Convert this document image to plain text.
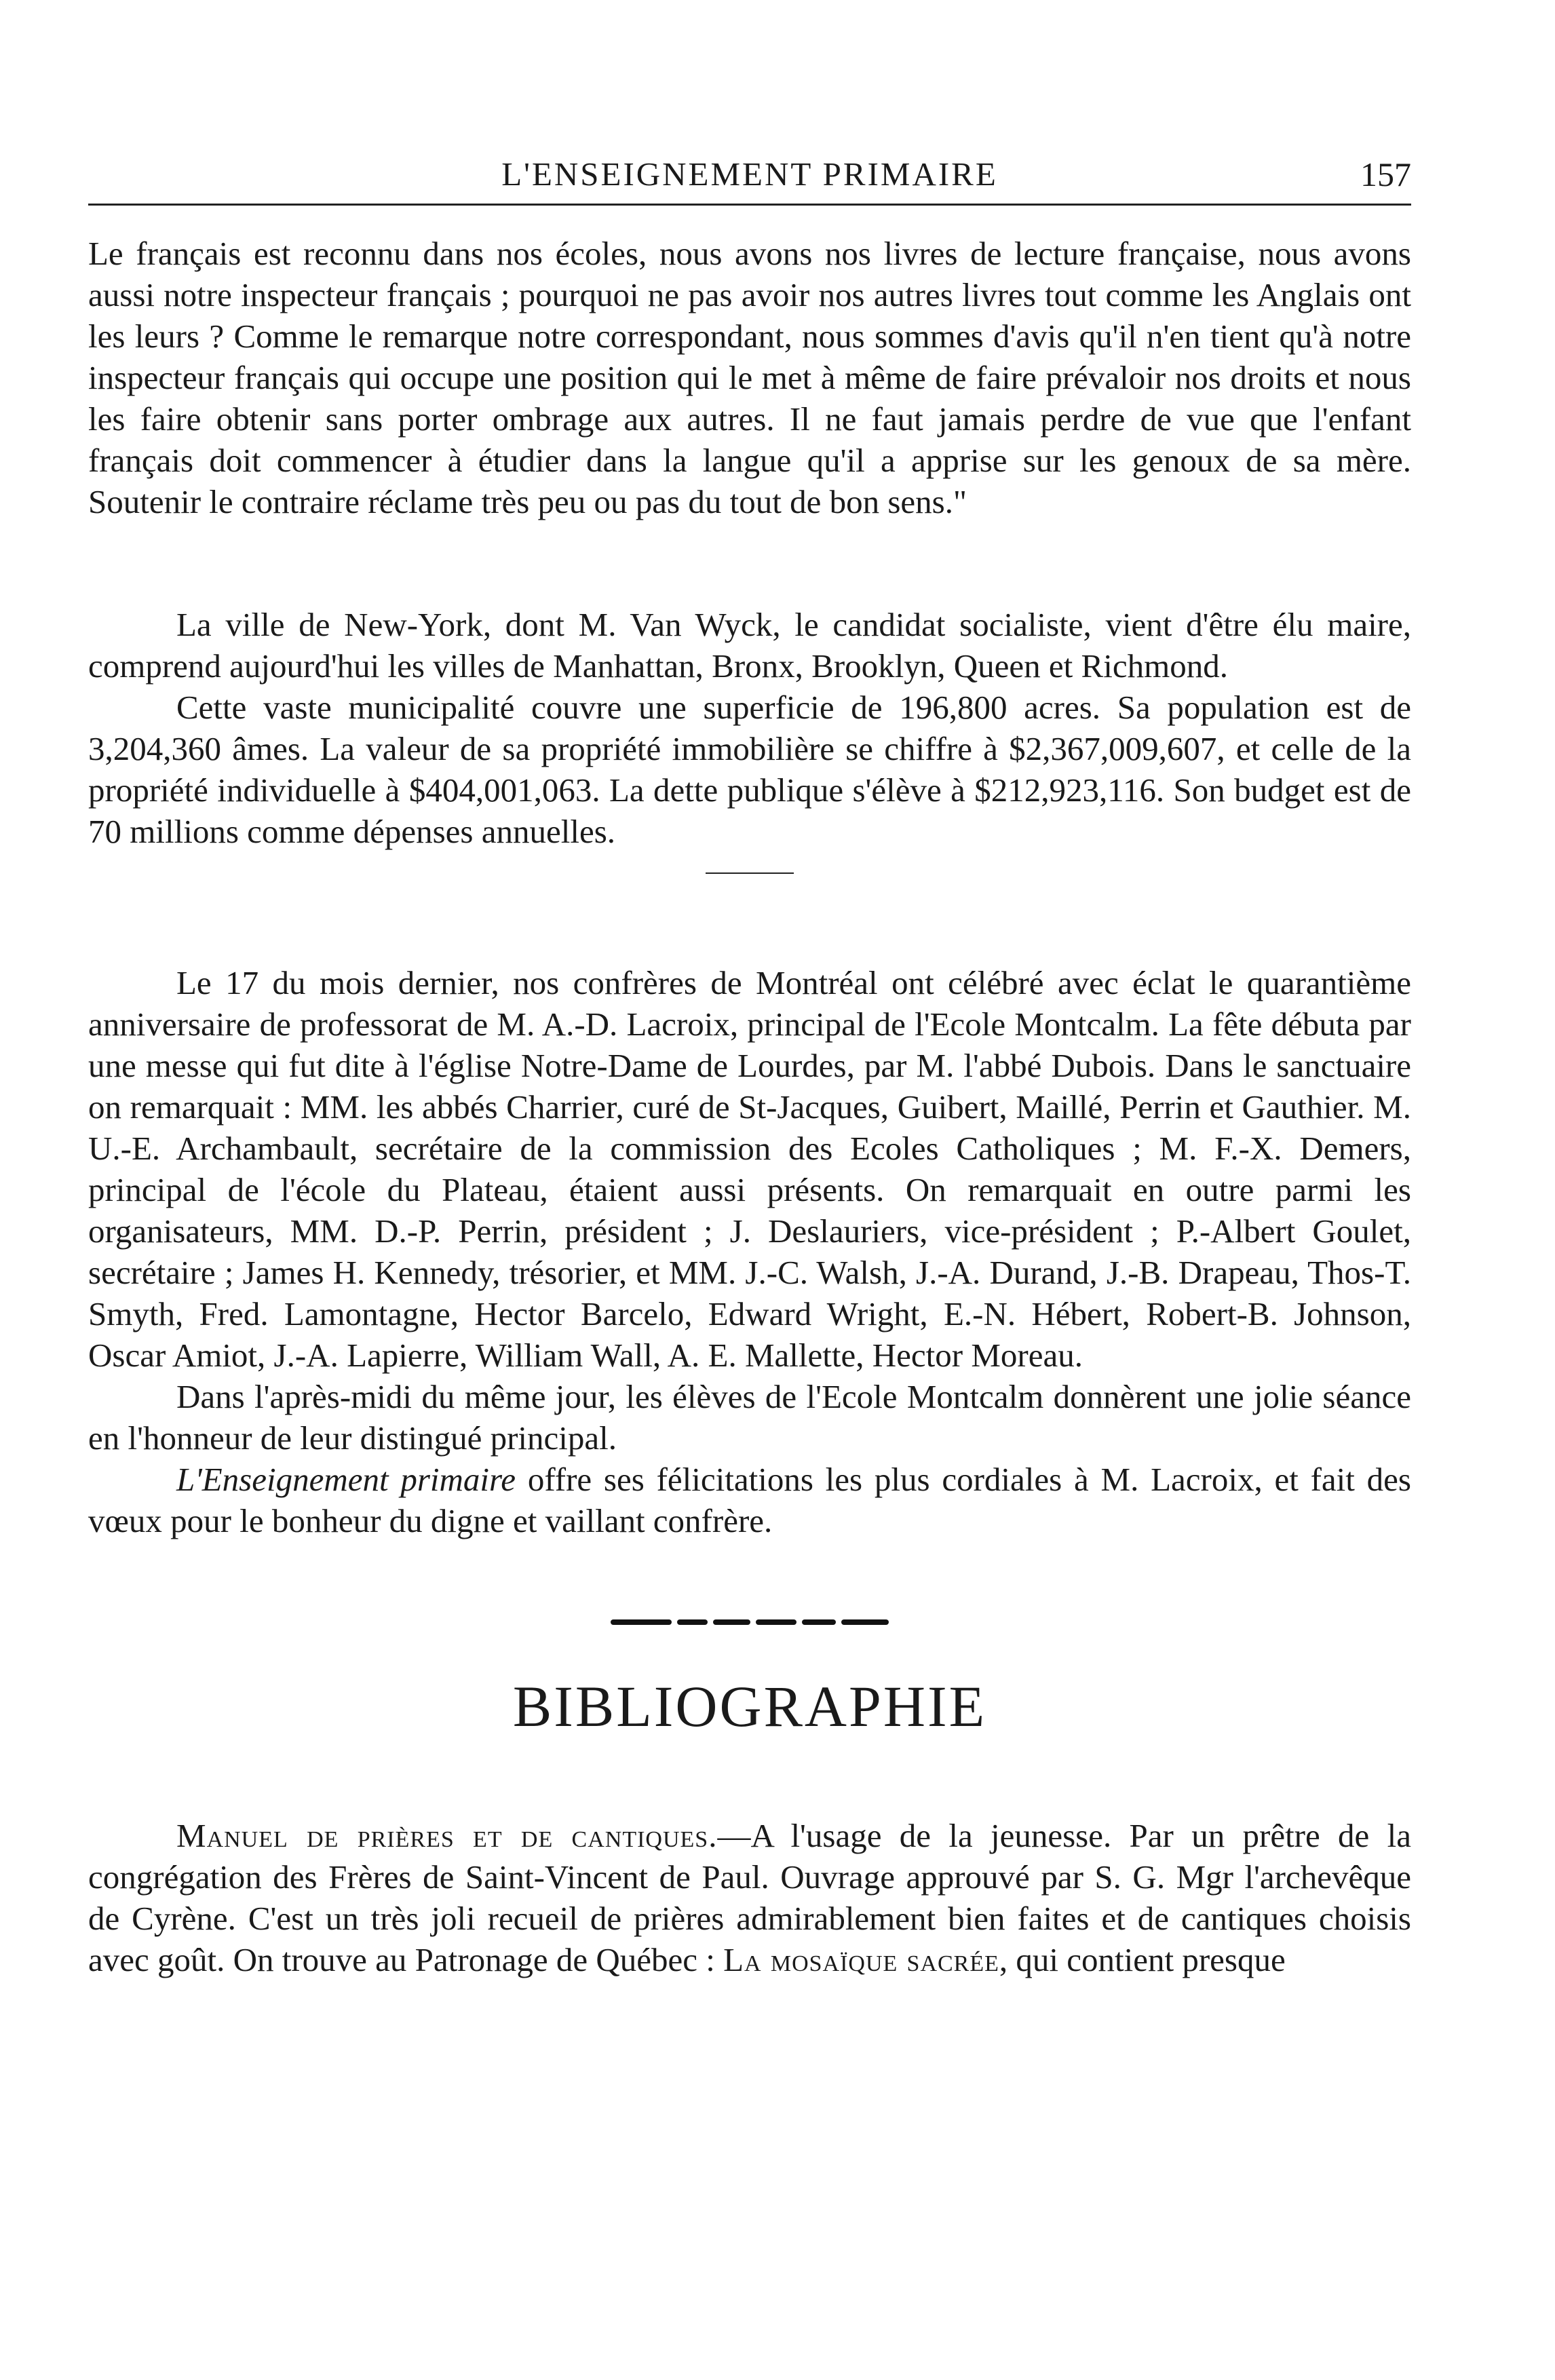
L'ENSEIGNEMENT PRIMAIRE	157

Le français est reconnu dans nos écoles, nous avons nos livres de lecture française, nous avons aussi notre inspecteur français ; pourquoi ne pas avoir nos autres livres tout comme les Anglais ont les leurs ? Comme le remarque notre correspondant, nous sommes d'avis qu'il n'en tient qu'à notre inspecteur français qui occupe une position qui le met à même de faire prévaloir nos droits et nous les faire obtenir sans porter ombrage aux autres. Il ne faut jamais perdre de vue que l'enfant français doit commencer à étudier dans la langue qu'il a apprise sur les genoux de sa mère. Soutenir le contraire réclame très peu ou pas du tout de bon sens."

La ville de New-York, dont M. Van Wyck, le candidat socialiste, vient d'être élu maire, comprend aujourd'hui les villes de Manhattan, Bronx, Brooklyn, Queen et Richmond.

Cette vaste municipalité couvre une superficie de 196,800 acres. Sa population est de 3,204,360 âmes. La valeur de sa propriété immobilière se chiffre à $2,367,009,607, et celle de la propriété individuelle à $404,001,063. La dette publique s'élève à $212,923,116. Son budget est de 70 millions comme dépenses annuelles.

Le 17 du mois dernier, nos confrères de Montréal ont célébré avec éclat le quarantième anniversaire de professorat de M. A.-D. Lacroix, principal de l'Ecole Montcalm. La fête débuta par une messe qui fut dite à l'église Notre-Dame de Lourdes, par M. l'abbé Dubois. Dans le sanctuaire on remarquait : MM. les abbés Charrier, curé de St-Jacques, Guibert, Maillé, Perrin et Gauthier. M. U.-E. Archambault, secrétaire de la commission des Ecoles Catholiques ; M. F.-X. Demers, principal de l'école du Plateau, étaient aussi présents. On remarquait en outre parmi les organisateurs, MM. D.-P. Perrin, président ; J. Deslauriers, vice-président ; P.-Albert Goulet, secrétaire ; James H. Kennedy, trésorier, et MM. J.-C. Walsh, J.-A. Durand, J.-B. Drapeau, Thos-T. Smyth, Fred. Lamontagne, Hector Barcelo, Edward Wright, E.-N. Hébert, Robert-B. Johnson, Oscar Amiot, J.-A. Lapierre, William Wall, A. E. Mallette, Hector Moreau.

Dans l'après-midi du même jour, les élèves de l'Ecole Montcalm donnèrent une jolie séance en l'honneur de leur distingué principal.

L'Enseignement primaire offre ses félicitations les plus cordiales à M. Lacroix, et fait des vœux pour le bonheur du digne et vaillant confrère.

BIBLIOGRAPHIE

Manuel de prières et de cantiques.—A l'usage de la jeunesse. Par un prêtre de la congrégation des Frères de Saint-Vincent de Paul. Ouvrage approuvé par S. G. Mgr l'archevêque de Cyrène. C'est un très joli recueil de prières admirablement bien faites et de cantiques choisis avec goût. On trouve au Patronage de Québec : La mosaïque sacrée, qui contient presque
